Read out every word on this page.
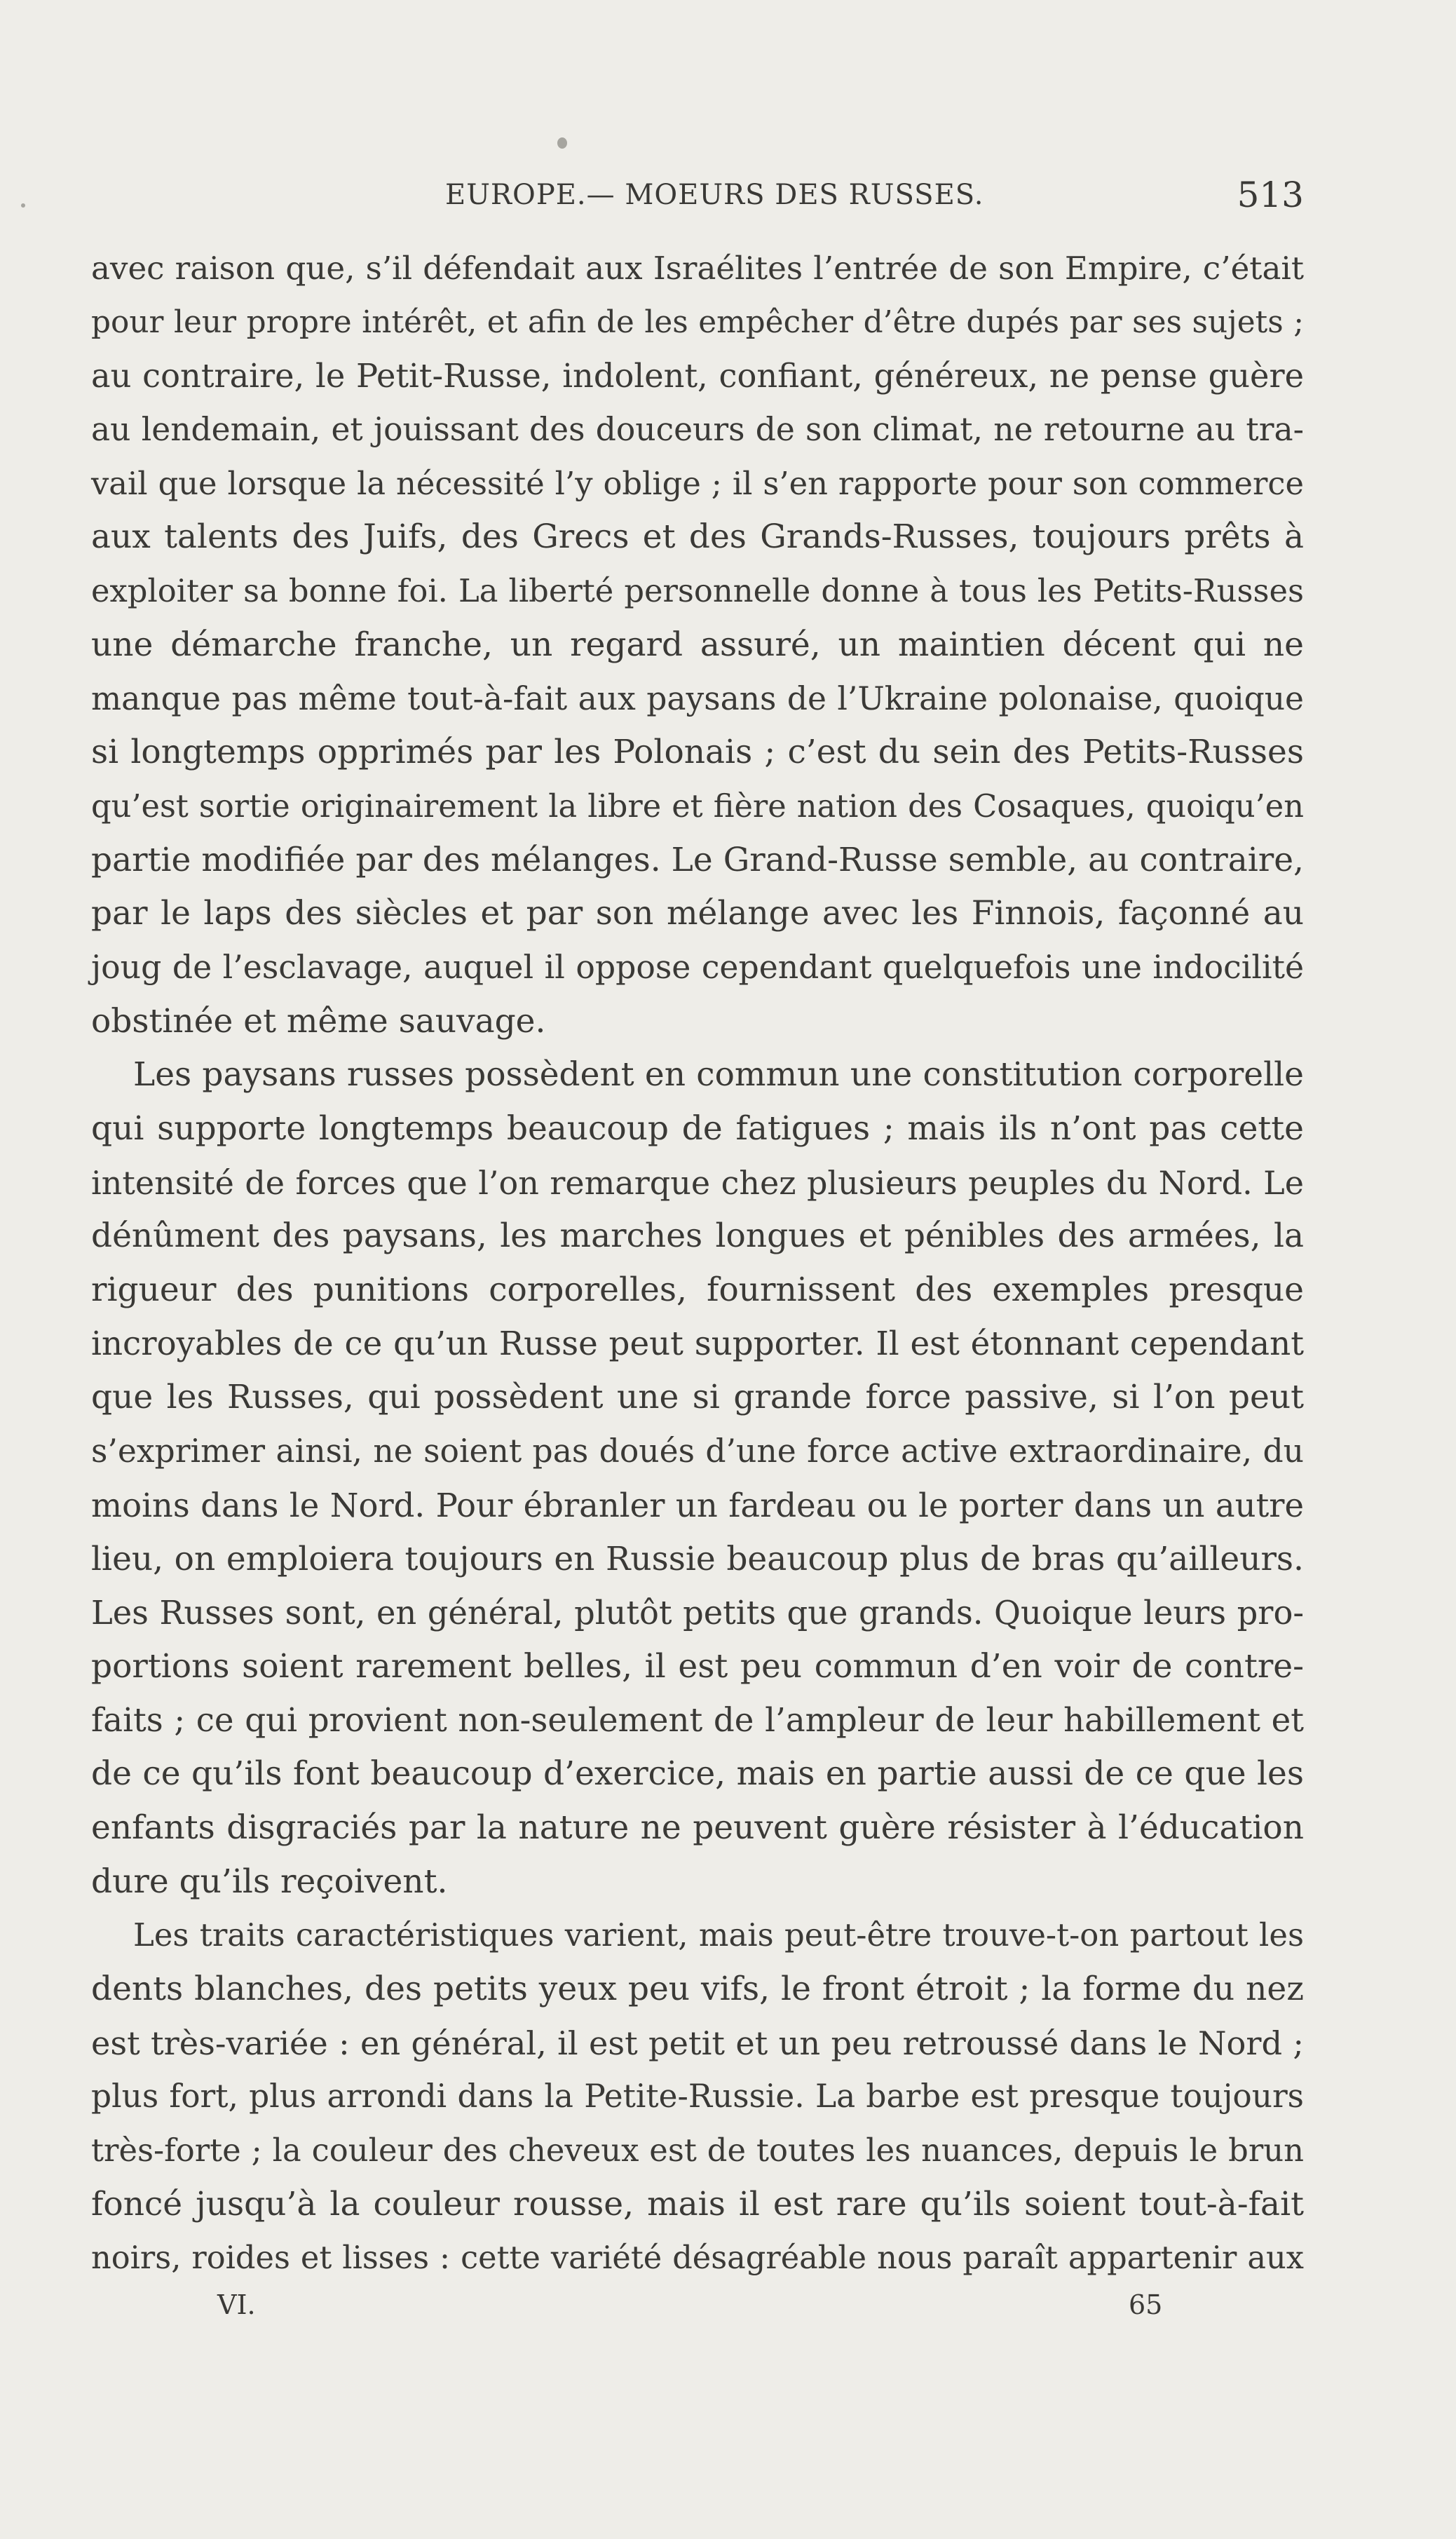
EUROPE.— MOEURS DES RUSSES.	513
avec raison que, s’il défendait aux Israélites l’entrée de son Empire, c’était
pour leur propre intérêt, et afin de les empêcher d’être dupés par ses sujets ;
au contraire, le Petit-Russe, indolent, confiant, généreux, ne pense guère
au lendemain, et jouissant des douceurs de son climat, ne retourne au tra-
vail que lorsque la nécessité l’y oblige ; il s’en rapporte pour son commerce
aux talents des Juifs, des Grecs et des Grands-Russes, toujours prêts à
exploiter sa bonne foi. La liberté personnelle donne à tous les Petits-Russes
une démarche franche, un regard assuré, un maintien décent qui ne
manque pas même tout-à-fait aux paysans de l’Ukraine polonaise, quoique
si longtemps opprimés par les Polonais ; c’est du sein des Petits-Russes
qu’est sortie originairement la libre et fière nation des Cosaques, quoiqu’en
partie modifiée par des mélanges. Le Grand-Russe semble, au contraire,
par le laps des siècles et par son mélange avec les Finnois, façonné au
joug de l’esclavage, auquel il oppose cependant quelquefois une indocilité
obstinée et même sauvage.
Les paysans russes possèdent en commun une constitution corporelle
qui supporte longtemps beaucoup de fatigues ; mais ils n’ont pas cette
intensité de forces que l’on remarque chez plusieurs peuples du Nord. Le
dénûment des paysans, les marches longues et pénibles des armées, la
rigueur des punitions corporelles, fournissent des exemples presque
incroyables de ce qu’un Russe peut supporter. Il est étonnant cependant
que les Russes, qui possèdent une si grande force passive, si l’on peut
s’exprimer ainsi, ne soient pas doués d’une force active extraordinaire, du
moins dans le Nord. Pour ébranler un fardeau ou le porter dans un autre
lieu, on emploiera toujours en Russie beaucoup plus de bras qu’ailleurs.
Les Russes sont, en général, plutôt petits que grands. Quoique leurs pro-
portions soient rarement belles, il est peu commun d’en voir de contre-
faits ; ce qui provient non-seulement de l’ampleur de leur habillement et
de ce qu’ils font beaucoup d’exercice, mais en partie aussi de ce que les
enfants disgraciés par la nature ne peuvent guère résister à l’éducation
dure qu’ils reçoivent.
Les traits caractéristiques varient, mais peut-être trouve-t-on partout les
dents blanches, des petits yeux peu vifs, le front étroit ; la forme du nez
est très-variée : en général, il est petit et un peu retroussé dans le Nord ;
plus fort, plus arrondi dans la Petite-Russie. La barbe est presque toujours
très-forte ; la couleur des cheveux est de toutes les nuances, depuis le brun
foncé jusqu’à la couleur rousse, mais il est rare qu’ils soient tout-à-fait
noirs, roides et lisses : cette variété désagréable nous paraît appartenir aux
VI.	65
